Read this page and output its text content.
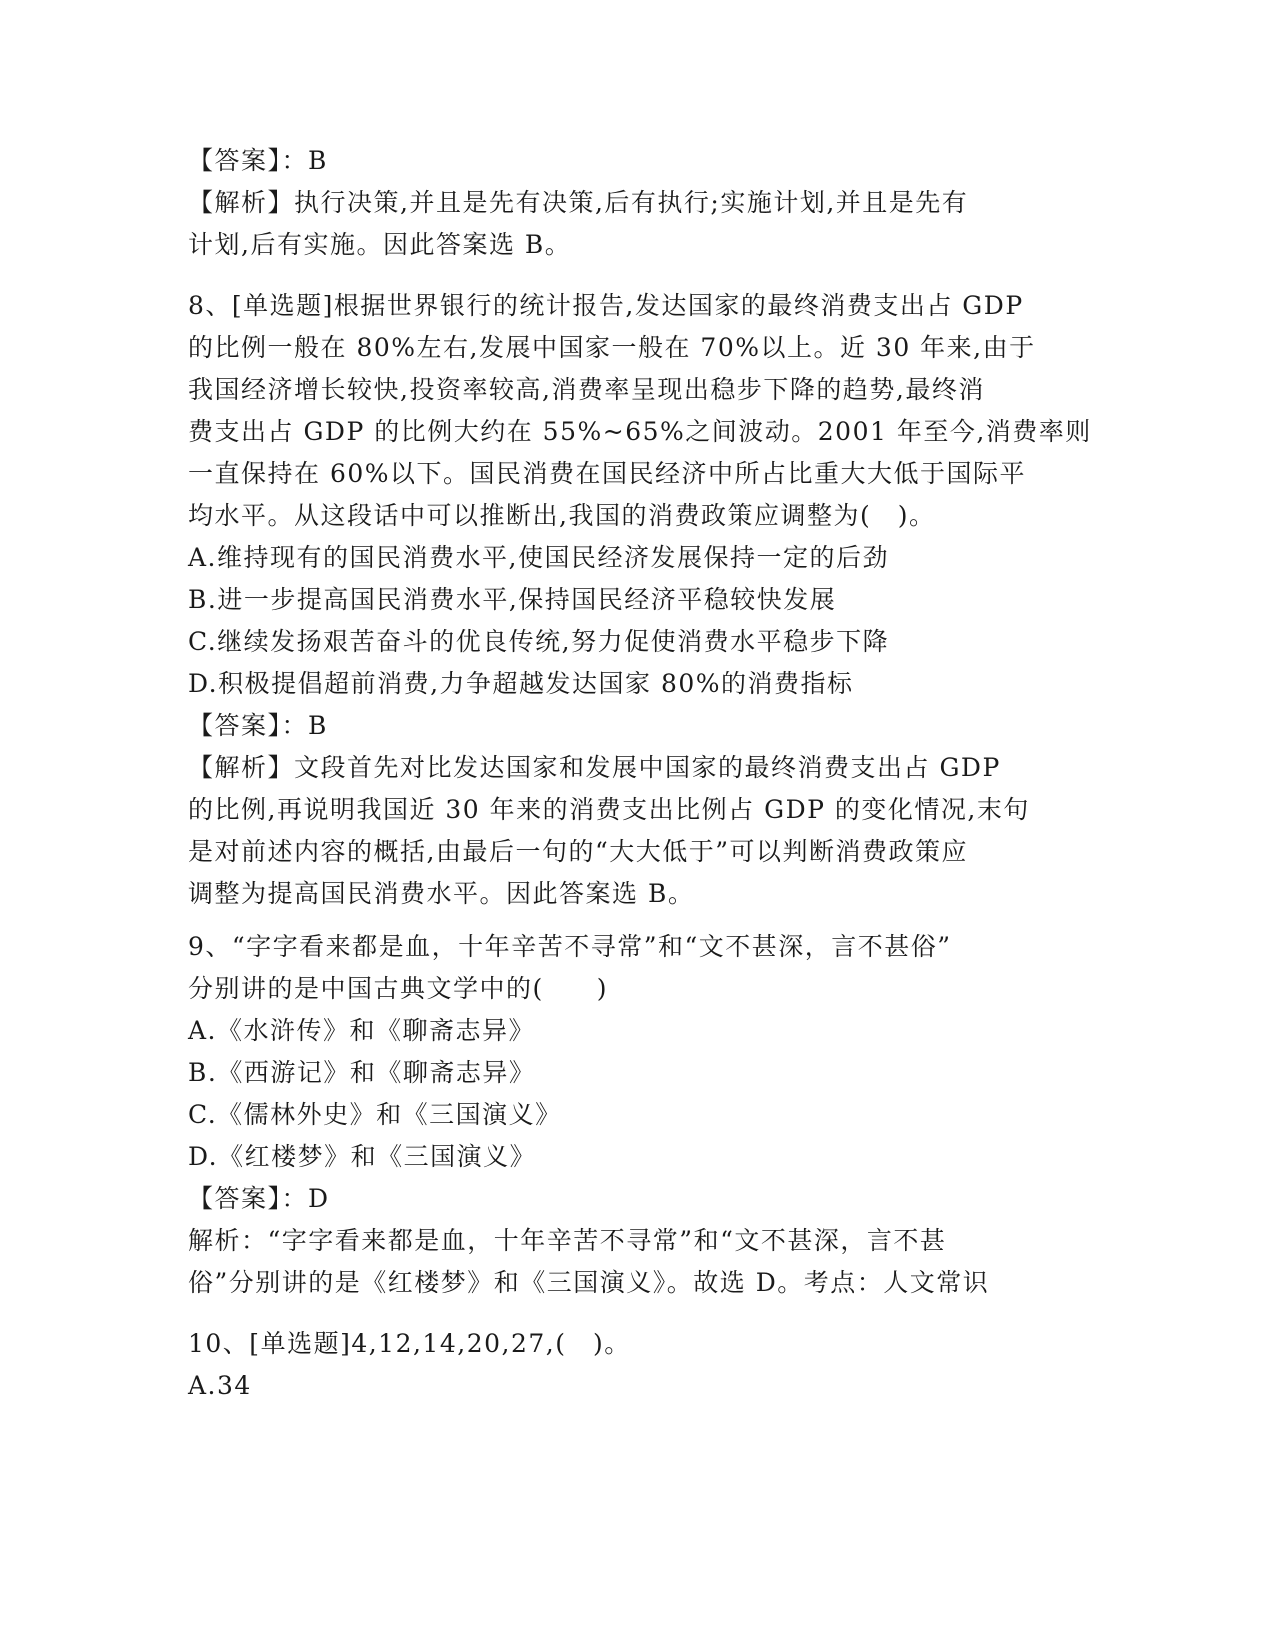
【答案】：B
【解析】执行决策,并且是先有决策,后有执行;实施计划,并且是先有
计划,后有实施。因此答案选 B。
8、[单选题]根据世界银行的统计报告,发达国家的最终消费支出占 GDP
的比例一般在 80%左右,发展中国家一般在 70%以上。近 30 年来,由于
我国经济增长较快,投资率较高,消费率呈现出稳步下降的趋势,最终消
费支出占 GDP 的比例大约在 55%~65%之间波动。2001 年至今,消费率则
一直保持在 60%以下。国民消费在国民经济中所占比重大大低于国际平
均水平。从这段话中可以推断出,我国的消费政策应调整为(　)。
A.维持现有的国民消费水平,使国民经济发展保持一定的后劲
B.进一步提高国民消费水平,保持国民经济平稳较快发展
C.继续发扬艰苦奋斗的优良传统,努力促使消费水平稳步下降
D.积极提倡超前消费,力争超越发达国家 80%的消费指标
【答案】：B
【解析】文段首先对比发达国家和发展中国家的最终消费支出占 GDP
的比例,再说明我国近 30 年来的消费支出比例占 GDP 的变化情况,末句
是对前述内容的概括,由最后一句的“大大低于”可以判断消费政策应
调整为提高国民消费水平。因此答案选 B。
9、“字字看来都是血，十年辛苦不寻常”和“文不甚深，言不甚俗”
分别讲的是中国古典文学中的(　　)
A.《水浒传》和《聊斋志异》
B.《西游记》和《聊斋志异》
C.《儒林外史》和《三国演义》
D.《红楼梦》和《三国演义》
【答案】：D
解析：“字字看来都是血，十年辛苦不寻常”和“文不甚深，言不甚
俗”分别讲的是《红楼梦》和《三国演义》。故选 D。考点：人文常识
10、[单选题]4,12,14,20,27,(　)。
A.34
